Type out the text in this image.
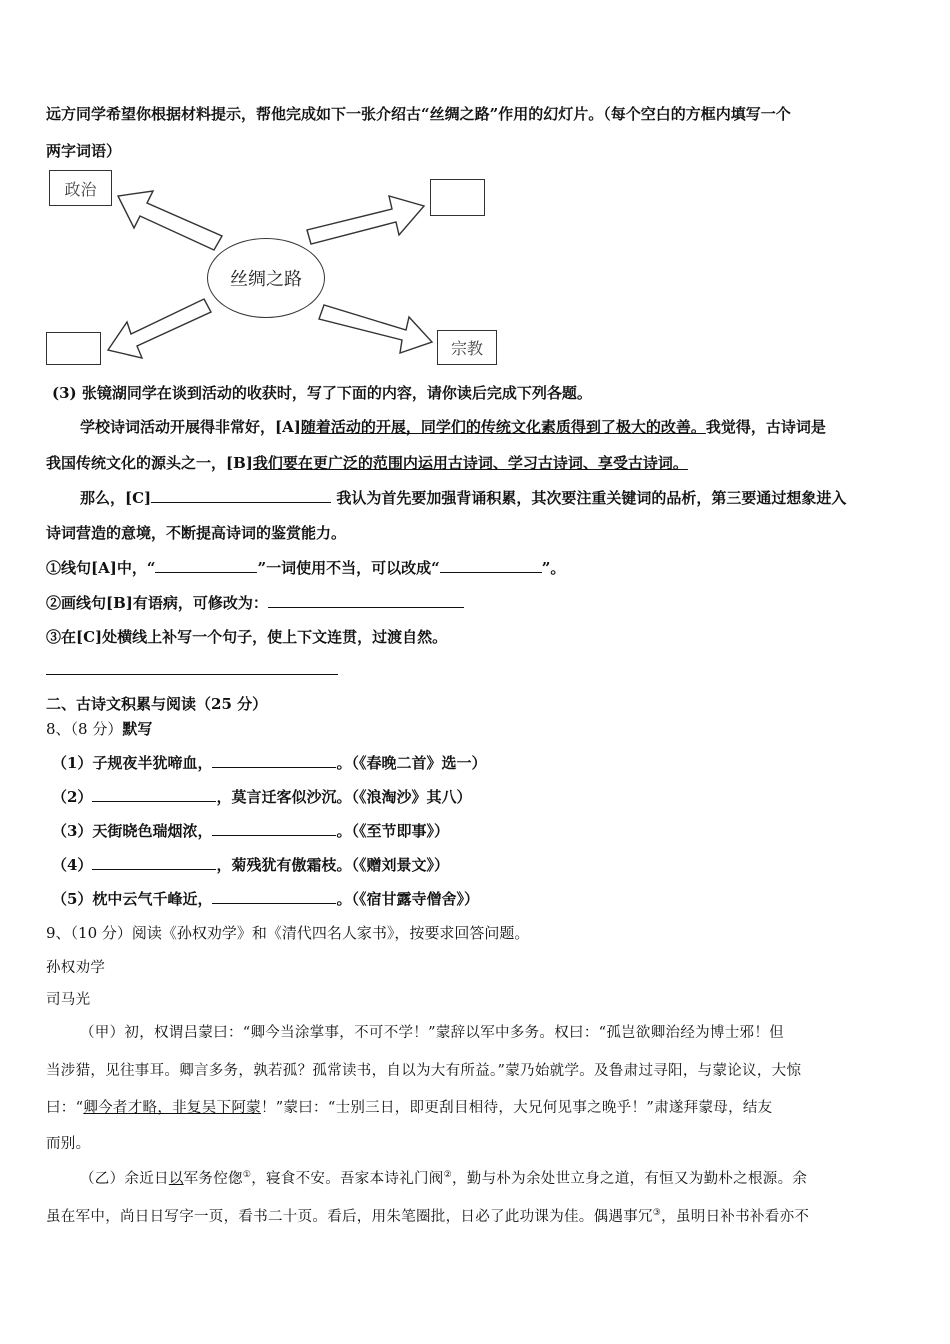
远方同学希望你根据材料提示，帮他完成如下一张介绍古“丝绸之路”作用的幻灯片。（每个空白的方框内填写一个
两字词语）
政治
丝绸之路
宗教
(3) 张镜湖同学在谈到活动的收获时，写了下面的内容，请你读后完成下列各题。
学校诗词活动开展得非常好，[A]随着活动的开展，同学们的传统文化素质得到了极大的改善。我觉得，古诗词是
我国传统文化的源头之一，[B]我们要在更广泛的范围内运用古诗词、学习古诗词、享受古诗词。
那么，[C]	我认为首先要加强背诵积累，其次要注重关键词的品析，第三要通过想象进入
诗词营造的意境，不断提高诗词的鉴赏能力。
①线句[A]中，“	”一词使用不当，可以改成“	”。
②画线句[B]有语病，可修改为：
③在[C]处横线上补写一个句子，使上下文连贯，过渡自然。
二、古诗文积累与阅读（25 分）
8、（8 分）默写
（1）子规夜半犹啼血，	。（《春晚二首》选一）
（2）	，莫言迁客似沙沉。（《浪淘沙》其八）
（3）天街晓色瑞烟浓，	。（《至节即事》）
（4）	，菊残犹有傲霜枝。（《赠刘景文》）
（5）枕中云气千峰近，	。（《宿甘露寺僧舍》）
9、（10 分）阅读《孙权劝学》和《清代四名人家书》，按要求回答问题。
孙权劝学
司马光
（甲）初，权谓吕蒙曰：“卿今当涂掌事，不可不学！”蒙辞以军中多务。权曰：“孤岂欲卿治经为博士邪！但
当涉猎，见往事耳。卿言多务，孰若孤？孤常读书，自以为大有所益。”蒙乃始就学。及鲁肃过寻阳，与蒙论议，大惊
曰：“卿今者才略，非复吴下阿蒙！”蒙曰：“士别三日，即更刮目相待，大兄何见事之晚乎！”肃遂拜蒙母，结友
而别。
（乙）余近日以军务倥偬①，寝食不安。吾家本诗礼门阀②，勤与朴为余处世立身之道，有恒又为勤朴之根源。余
虽在军中，尚日日写字一页，看书二十页。看后，用朱笔圈批，日必了此功课为佳。偶遇事冗③，虽明日补书补看亦不
